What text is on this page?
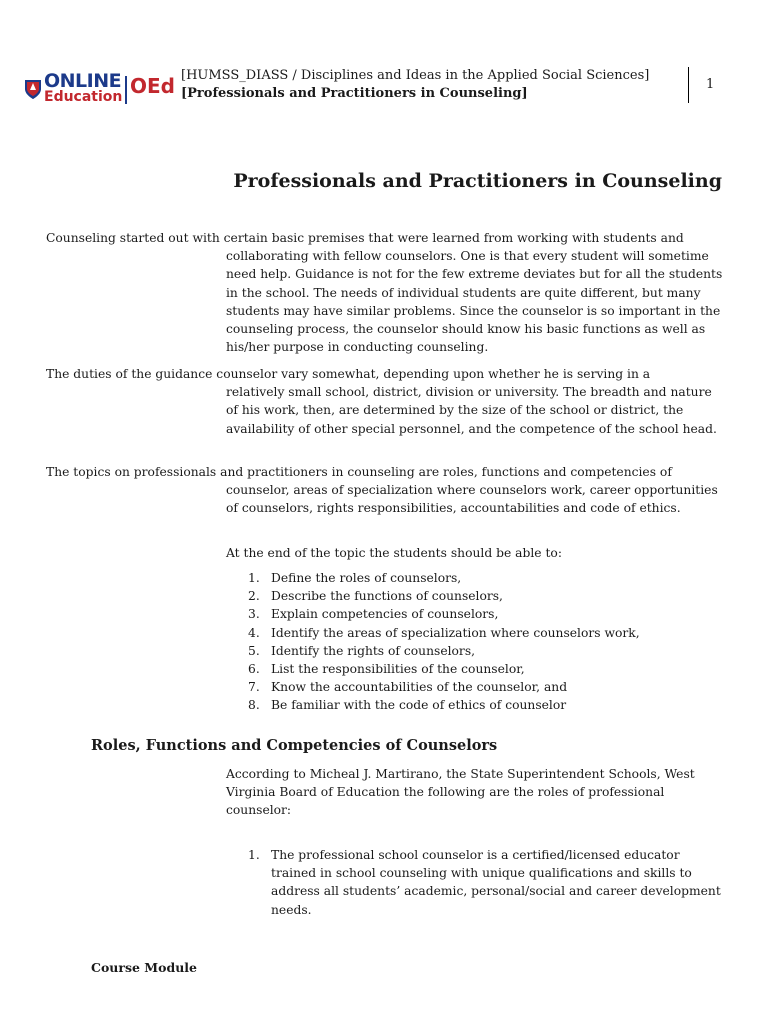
ONLINE
Education OEd [HUMSS_DIASS / Disciplines and Ideas in the Applied Social Sciences]
[Professionals and Practitioners in Counseling]
1
Professionals and Practitioners in Counseling
Counseling started out with certain basic premises that were learned from working with students and
collaborating with fellow counselors. One is that every student will sometime need help. Guidance is not for the few extreme deviates but for all the students in the school. The needs of individual students are quite different, but many students may have similar problems. Since the counselor is so important in the counseling process, the counselor should know his basic functions as well as his/her purpose in conducting counseling.
The duties of the guidance counselor vary somewhat, depending upon whether he is serving in a
relatively small school, district, division or university. The breadth and nature of his work, then, are determined by the size of the school or district, the availability of other special personnel, and the competence of the school head.
The topics on professionals and practitioners in counseling are roles, functions and competencies of
counselor, areas of specialization where counselors work, career opportunities of counselors, rights responsibilities, accountabilities and code of ethics.
At the end of the topic the students should be able to:
1. Define the roles of counselors,
2. Describe the functions of counselors,
3. Explain competencies of counselors,
4. Identify the areas of specialization where counselors work,
5. Identify the rights of counselors,
6. List the responsibilities of the counselor,
7. Know the accountabilities of the counselor, and
8. Be familiar with the code of ethics of counselor
Roles, Functions and Competencies of Counselors
According to Micheal J. Martirano, the State Superintendent Schools, West Virginia Board of Education the following are the roles of professional counselor:
1. The professional school counselor is a certified/licensed educator trained in school counseling with unique qualifications and skills to address all students’ academic, personal/social and career development needs.
Course Module
